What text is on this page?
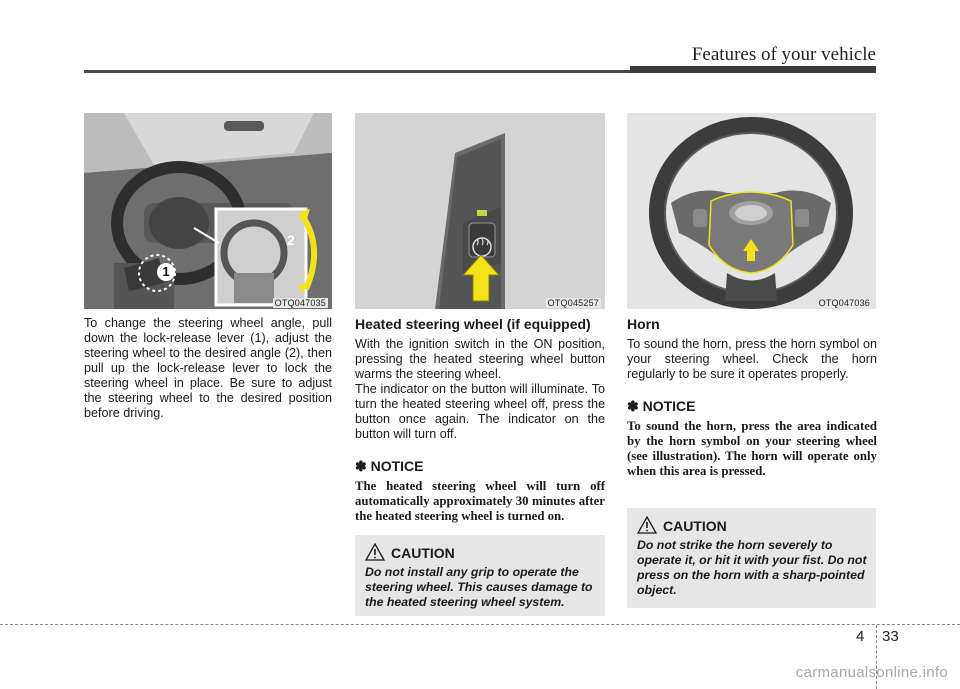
Features of your vehicle
2
1
OTQ047035	OTQ045257	OTQ047036

To change the steering wheel angle, pull down the lock-release lever (1), adjust the steering wheel to the desired angle (2), then pull up the lock-release lever to lock the steering wheel in place. Be sure to adjust the steering wheel to the desired position before driving.

Heated steering wheel (if equipped)

With the ignition switch in the ON position, pressing the heated steering wheel button warms the steering wheel.

The indicator on the button will illuminate. To turn the heated steering wheel off, press the button once again. The indicator on the button will turn off.

✽ NOTICE

The heated steering wheel will turn off automatically approximately 30 minutes after the heated steering wheel is turned on.

CAUTION

Do not install any grip to operate the steering wheel. This causes damage to the heated steering wheel system.

Horn

To sound the horn, press the horn symbol on your steering wheel. Check the horn regularly to be sure it operates properly.

✽ NOTICE

To sound the horn, press the area indicated by the horn symbol on your steering wheel (see illustration). The horn will operate only when this area is pressed.

CAUTION

Do not strike the horn severely to operate it, or hit it with your fist. Do not press on the horn with a sharp-pointed object.

4 33
carmanualsonline.info
